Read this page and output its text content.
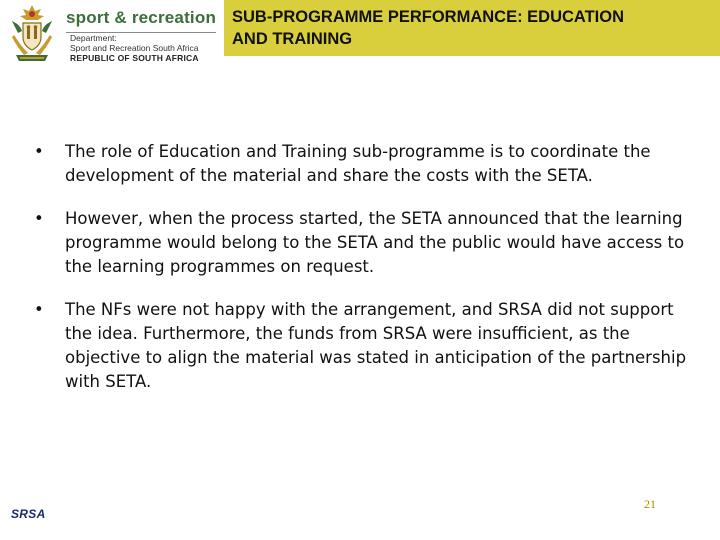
sport & recreation
Department:
Sport and Recreation South Africa
REPUBLIC OF SOUTH AFRICA
SUB-PROGRAMME PERFORMANCE: EDUCATION
AND TRAINING
•	The role of Education and Training sub-programme is to coordinate the development of the material and share the costs with the SETA.
•	However, when the process started, the SETA announced that the learning programme would belong to the SETA and the public would have access to the learning programmes on request.
•	The NFs were not happy with the arrangement, and SRSA did not support the idea. Furthermore, the funds from SRSA were insufficient, as the objective to align the material was stated in anticipation of the partnership with SETA.
SRSA
21
